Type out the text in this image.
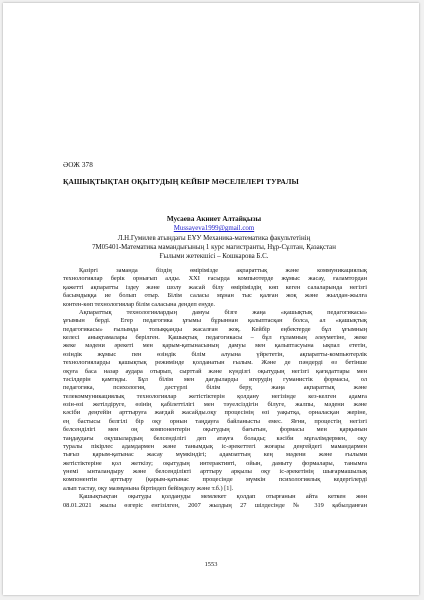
ӘОЖ 378
ҚАШЫҚТЫҚТАН ОҚЫТУДЫҢ КЕЙБІР МӘСЕЛЕЛЕРІ ТУРАЛЫ
Мусаева Акниет Алтайқызы
Mussayeva1999@gmail.com
Л.Н.Гумилев атындағы ЕҰУ Механика-математика факультетінің
7М05401-Математика мамандығының 1 курс магистранты, Нұр-Сұлтан, Қазақстан
Ғылыми жетекшісі – Кошкарова Б.С.
Қазіргі заманда біздің өміріміздe ақпараттық және коммуникациялық
технологиялар берік орнығып алды. XXI ғасырда компьютерде жұмыс жасау, ғаламтордан
қажетті ақпаратты іздеу және шолу жасай білу өміріміздің көп кеген салаларында негізгі
басымдыққа ие болып отыр. Білім саласы мұнан тыс қалған жоқ және жылдан-жылға
контен-көп технологиялар білім саласына дендеп енуде.
Ақпараттық технологиялардың дамуы бізге жаңа «қашықтық педагогикасы»
ұғымын берді. Егер педагогика ұғымы бұрыннан қалыптасқан болса, ал «қашықтық
педагогикасы» ғылымда толыққанды жасалған жоқ. Кейбір еңбектерде бұл ұғымның
келесі анықтамалары берілген. Қашықтық педагогикасы – бұл ғұламның әлеуметіне, жеке
жеке мәдени әрекеті мен қарым-қатынасының дамуы мен қалыптасуына ықпал ететін,
өзіндік жұмыс пен өзіндік білім алуына үйрететін, ақпаратты-компьютерлік
технологияларды қашықтық режимінде қолданатын ғылым. Және де пәндерді өз бетінше
оқуға баса назар аудара отырып, сырттай және күндізгі оқытудың негізгі қағидаттары мен
тәсілдерін қамтиды. Бұл білім мен дағдыларды игерудің гуманистік формасы, ол
педагогика, психология, дәстүрлі білім беру, жаңа ақпараттық және
телекоммуникациялық технологиялар жетістіктерін қолдану негізінде кез-келген адамға
өзін-өзі жетілдіруге, өзінің қабілеттілігі мен тәуелсіздігін білуге, жалпы, мәдени және
кәсіби деңгейін арттыруға жағдай жасайды.оқу процесінің өзі уақытқа, орналасқан жеріне,
ең бастысы белгілі бір оқу орнын таңдауға байланысты емес. Яғни, процестің негізгі
белсенділігі мен оң компонентерін оқытудың бағытын, формасы мен қарқынын
таңдаудағы оқушылардың белсенділігі деп атауға болады; кәсіби мұғалімдермен, оқу
туралы пікірлес адамдармен және танымдық іс-әрекеттегі жоғары деңгейдегі мамандармен
тығыз қарым-қатынас жасау мүмкіндігі; адамзаттың кең мәдени және ғылыми
жетістіктеріне қол жеткізу; оқытудың интерактивті, ойын, дамыту формалары, танымға
үнемі ынталандыру және белсенділікті арттыру арқылы оқу іс-әрекетінің шығармашылық
компонентін арттыру (қарым-қатынас процесінде мүмкін психологиялық кедергілерді
алып тастау, оқу мазмұнына біртіндеп бейімделу және т.б.) [1].
Қашықтықтан оқытуды қолдануды мемлекет қолдап отырғанын айта кеткен жөн
08.01.2021 жылы өзгеріс енгізілген, 2007 жылдың 27 шілдесінде № 319 қабылданған
1553
